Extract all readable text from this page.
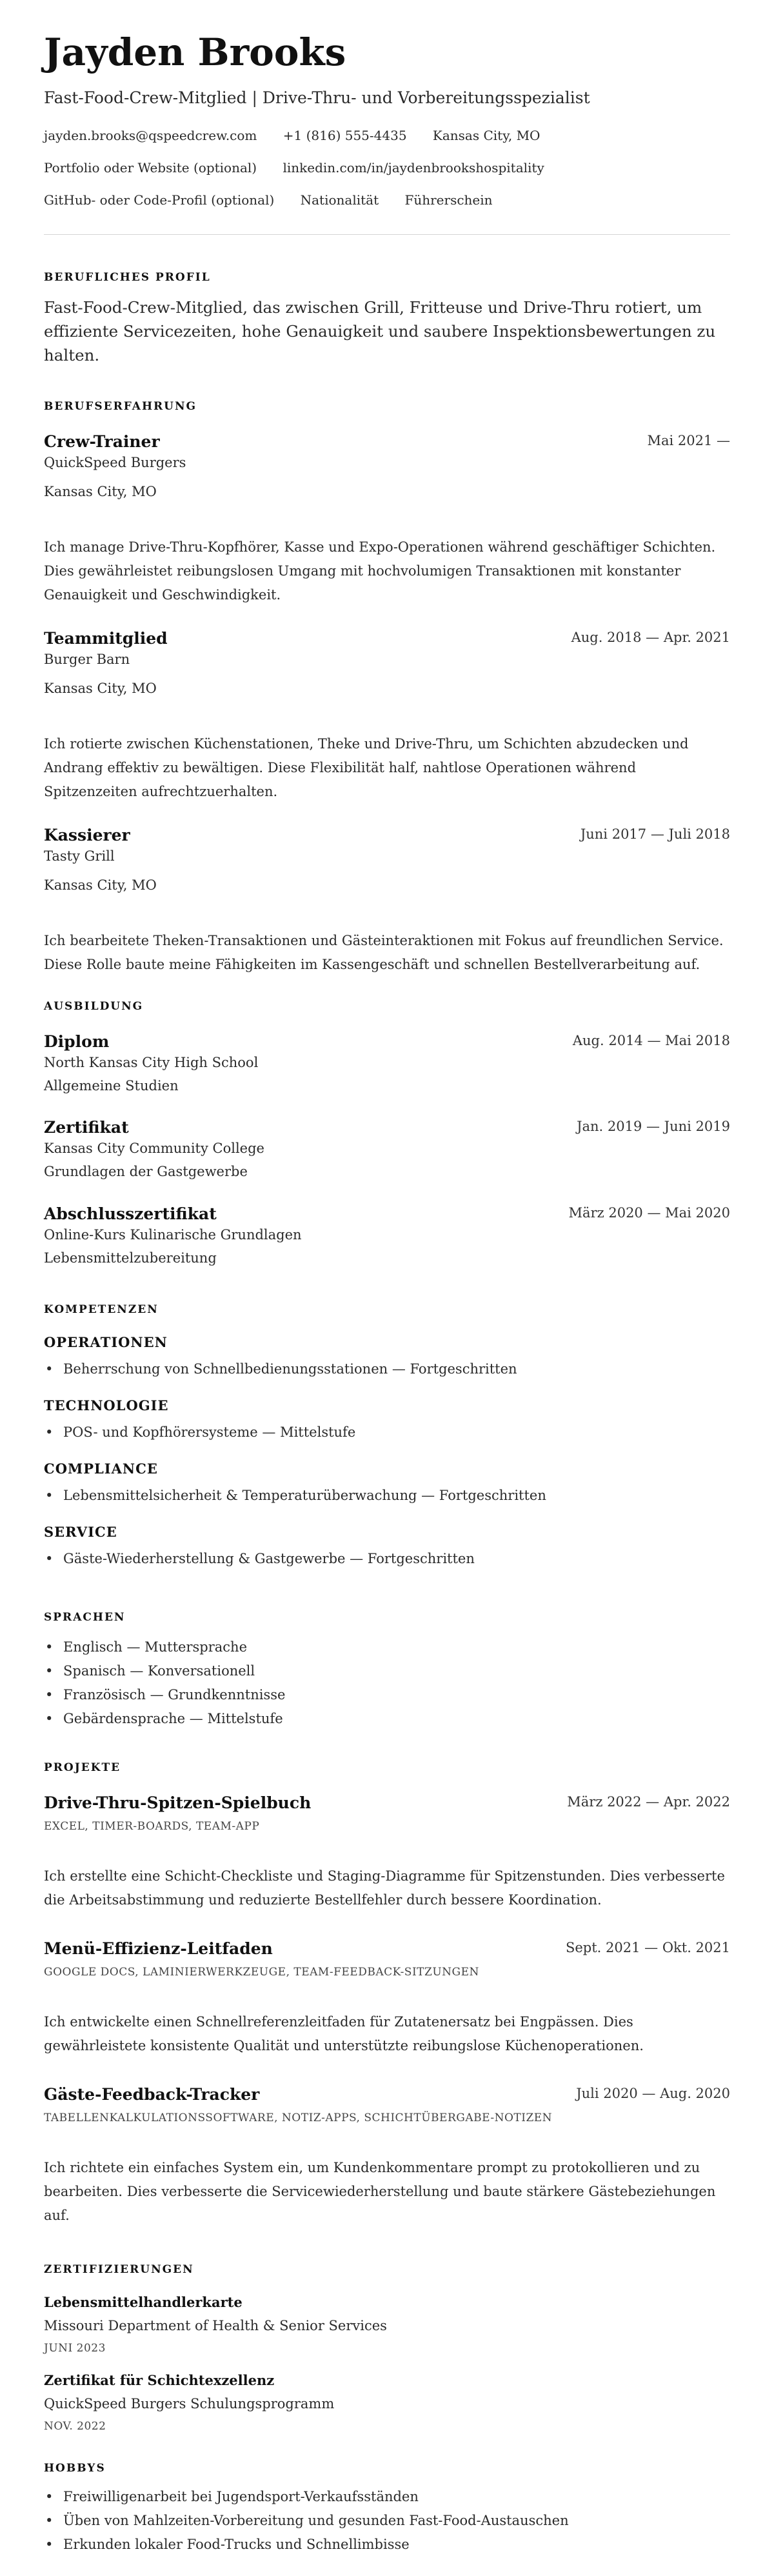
Jayden Brooks
Fast-Food-Crew-Mitglied | Drive-Thru- und Vorbereitungsspezialist
jayden.brooks@qspeedcrew.com +1 (816) 555-4435 Kansas City, MO
Portfolio oder Website (optional) linkedin.com/in/jaydenbrookshospitality
GitHub- oder Code-Profil (optional) Nationalität Führerschein
BERUFLICHES PROFIL
Fast-Food-Crew-Mitglied, das zwischen Grill, Fritteuse und Drive-Thru rotiert, um effiziente Servicezeiten, hohe Genauigkeit und saubere Inspektionsbewertungen zu halten.
BERUFSERFAHRUNG
Crew-Trainer	Mai 2021 —
QuickSpeed Burgers
Kansas City, MO
Ich manage Drive-Thru-Kopfhörer, Kasse und Expo-Operationen während geschäftiger Schichten. Dies gewährleistet reibungslosen Umgang mit hochvolumigen Transaktionen mit konstanter Genauigkeit und Geschwindigkeit.
Teammitglied	Aug. 2018 — Apr. 2021
Burger Barn
Kansas City, MO
Ich rotierte zwischen Küchenstationen, Theke und Drive-Thru, um Schichten abzudecken und Andrang effektiv zu bewältigen. Diese Flexibilität half, nahtlose Operationen während Spitzenzeiten aufrechtzuerhalten.
Kassierer	Juni 2017 — Juli 2018
Tasty Grill
Kansas City, MO
Ich bearbeitete Theken-Transaktionen und Gästeinteraktionen mit Fokus auf freundlichen Service. Diese Rolle baute meine Fähigkeiten im Kassengeschäft und schnellen Bestellverarbeitung auf.
AUSBILDUNG
Diplom	Aug. 2014 — Mai 2018
North Kansas City High School
Allgemeine Studien
Zertifikat	Jan. 2019 — Juni 2019
Kansas City Community College
Grundlagen der Gastgewerbe
Abschlusszertifikat	März 2020 — Mai 2020
Online-Kurs Kulinarische Grundlagen
Lebensmittelzubereitung
KOMPETENZEN
OPERATIONEN
• Beherrschung von Schnellbedienungsstationen — Fortgeschritten
TECHNOLOGIE
• POS- und Kopfhörersysteme — Mittelstufe
COMPLIANCE
• Lebensmittelsicherheit & Temperaturüberwachung — Fortgeschritten
SERVICE
• Gäste-Wiederherstellung & Gastgewerbe — Fortgeschritten
SPRACHEN
• Englisch — Muttersprache
• Spanisch — Konversationell
• Französisch — Grundkenntnisse
• Gebärdensprache — Mittelstufe
PROJEKTE
Drive-Thru-Spitzen-Spielbuch	März 2022 — Apr. 2022
EXCEL, TIMER-BOARDS, TEAM-APP
Ich erstellte eine Schicht-Checkliste und Staging-Diagramme für Spitzenstunden. Dies verbesserte die Arbeitsabstimmung und reduzierte Bestellfehler durch bessere Koordination.
Menü-Effizienz-Leitfaden	Sept. 2021 — Okt. 2021
GOOGLE DOCS, LAMINIERWERKZEUGE, TEAM-FEEDBACK-SITZUNGEN
Ich entwickelte einen Schnellreferenzleitfaden für Zutatenersatz bei Engpässen. Dies gewährleistete konsistente Qualität und unterstützte reibungslose Küchenoperationen.
Gäste-Feedback-Tracker	Juli 2020 — Aug. 2020
TABELLENKALKULATIONSSOFTWARE, NOTIZ-APPS, SCHICHTÜBERGABE-NOTIZEN
Ich richtete ein einfaches System ein, um Kundenkommentare prompt zu protokollieren und zu bearbeiten. Dies verbesserte die Servicewiederherstellung und baute stärkere Gästebeziehungen auf.
ZERTIFIZIERUNGEN
Lebensmittelhandlerkarte
Missouri Department of Health & Senior Services
JUNI 2023
Zertifikat für Schichtexzellenz
QuickSpeed Burgers Schulungsprogramm
NOV. 2022
HOBBYS
• Freiwilligenarbeit bei Jugendsport-Verkaufsständen
• Üben von Mahlzeiten-Vorbereitung und gesunden Fast-Food-Austauschen
• Erkunden lokaler Food-Trucks und Schnellimbisse
